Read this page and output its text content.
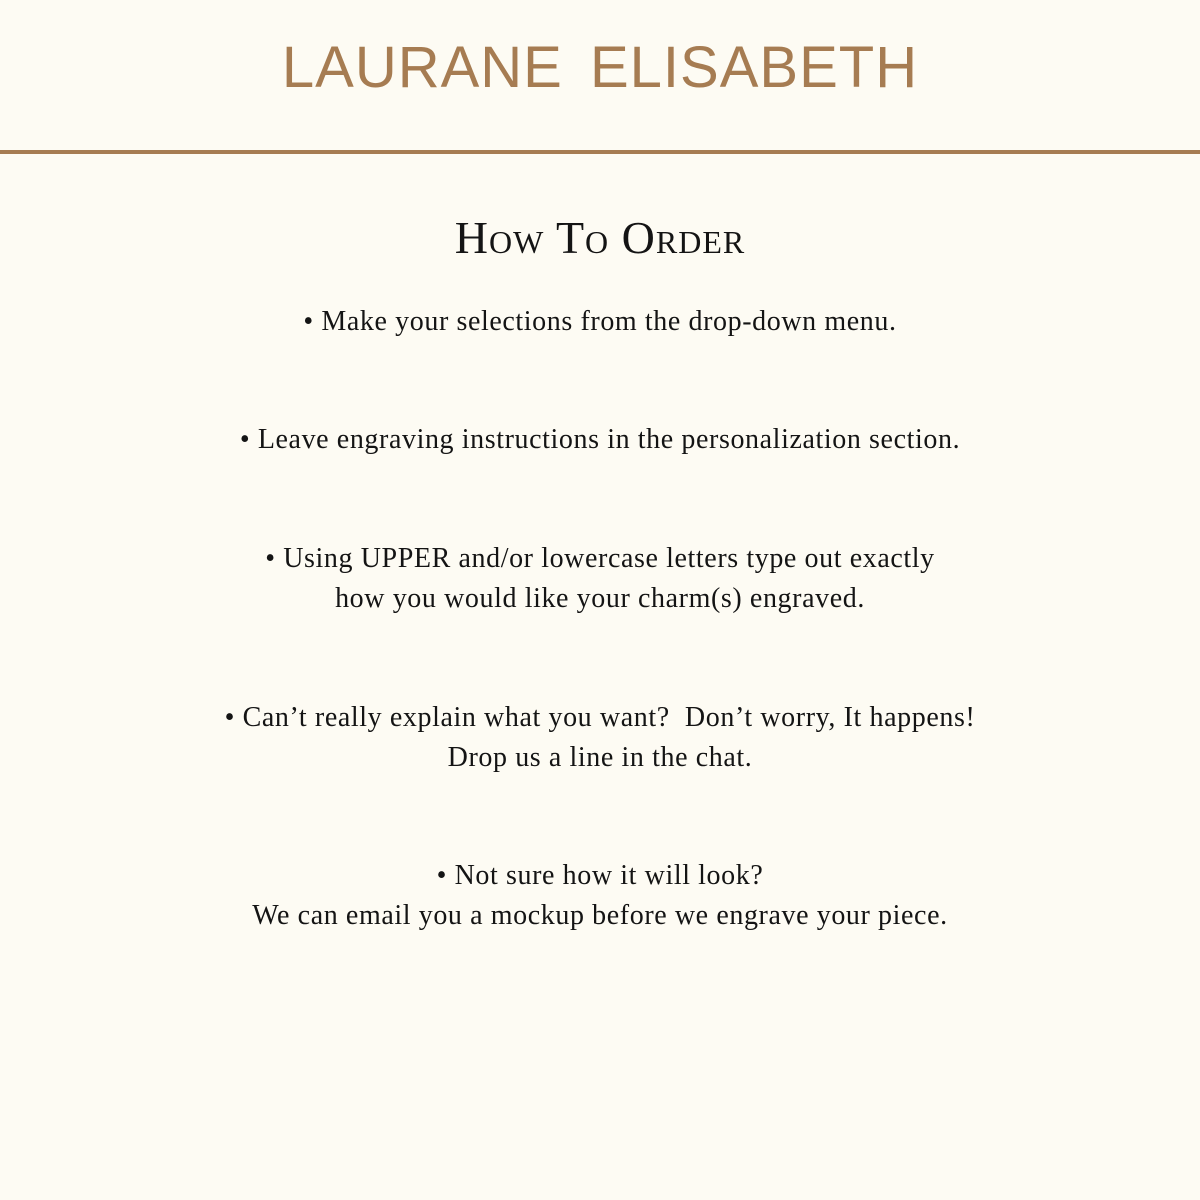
LAURANE ELISABETH
How To Order
• Make your selections from the drop-down menu.
• Leave engraving instructions in the personalization section.
• Using UPPER and/or lowercase letters type out exactly
how you would like your charm(s) engraved.
• Can’t really explain what you want?  Don’t worry, It happens!
Drop us a line in the chat.
• Not sure how it will look?
We can email you a mockup before we engrave your piece.
